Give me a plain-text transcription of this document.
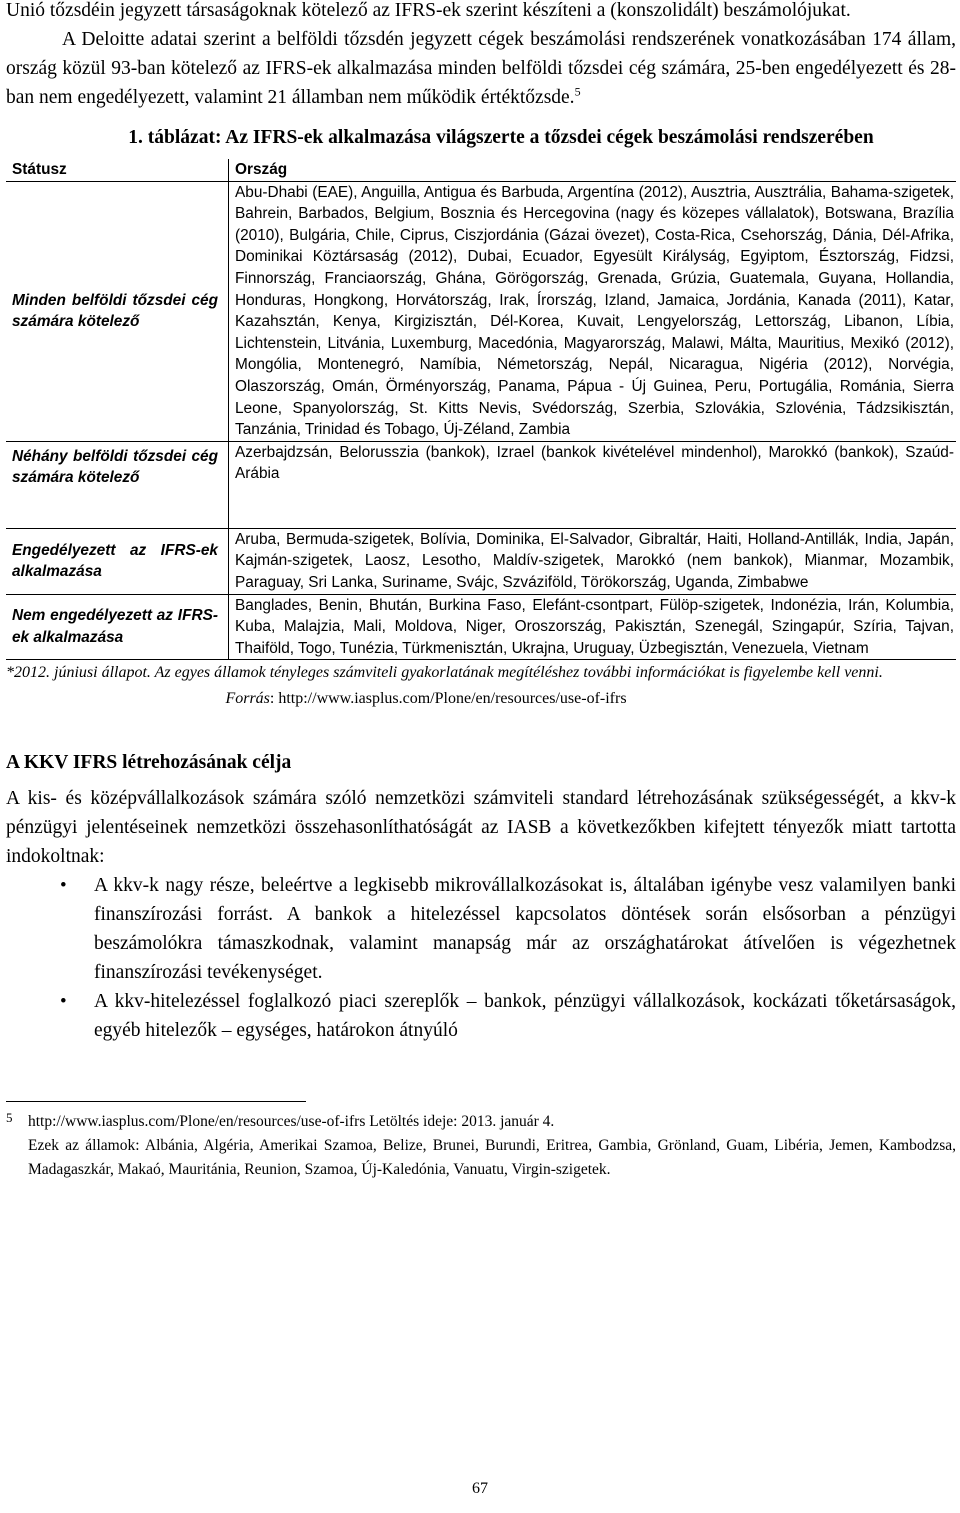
Unió tőzsdéin jegyzett társaságoknak kötelező az IFRS-ek szerint készíteni a (konszolidált) beszámolójukat.

A Deloitte adatai szerint a belföldi tőzsdén jegyzett cégek beszámolási rendszerének vonatkozásában 174 állam, ország közül 93-ban kötelező az IFRS-ek alkalmazása minden belföldi tőzsdei cég számára, 25-ben engedélyezett és 28-ban nem engedélyezett, valamint 21 államban nem működik értéktőzsde.$^5$

1. táblázat: Az IFRS-ek alkalmazása világszerte a tőzsdei cégek beszámolási rendszerében
Státusz	Ország
Minden belföldi tőzsdei cég számára kötelező	Abu-Dhabi (EAE), Anguilla, Antigua és Barbuda, Argentína (2012), Ausztria, Ausztrália, Bahama-szigetek, Bahrein, Barbados, Belgium, Bosznia és Hercegovina (nagy és közepes vállalatok), Botswana, Brazília (2010), Bulgária, Chile, Ciprus, Ciszjordánia (Gázai övezet), Costa-Rica, Csehország, Dánia, Dél-Afrika, Dominikai Köztársaság (2012), Dubai, Ecuador, Egyesült Királyság, Egyiptom, Észtország, Fidzsi, Finnország, Franciaország, Ghána, Görögország, Grenada, Grúzia, Guatemala, Guyana, Hollandia, Honduras, Hongkong, Horvátország, Irak, Írország, Izland, Jamaica, Jordánia, Kanada (2011), Katar, Kazahsztán, Kenya, Kirgizisztán, Dél-Korea, Kuvait, Lengyelország, Lettország, Libanon, Líbia, Lichtenstein, Litvánia, Luxemburg, Macedónia, Magyarország, Malawi, Málta, Mauritius, Mexikó (2012), Mongólia, Montenegró, Namíbia, Németország, Nepál, Nicaragua, Nigéria (2012), Norvégia, Olaszország, Omán, Örményország, Panama, Pápua - Új Guinea, Peru, Portugália, Románia, Sierra Leone, Spanyolország, St. Kitts Nevis, Svédország, Szerbia, Szlovákia, Szlovénia, Tádzsikisztán, Tanzánia, Trinidad és Tobago, Új-Zéland, Zambia
Néhány belföldi tőzsdei cég számára kötelező	Azerbajdzsán, Belorusszia (bankok), Izrael (bankok kivételével mindenhol), Marokkó (bankok), Szaúd-Arábia
Engedélyezett az IFRS-ek alkalmazása	Aruba, Bermuda-szigetek, Bolívia, Dominika, El-Salvador, Gibraltár, Haiti, Holland-Antillák, India, Japán, Kajmán-szigetek, Laosz, Lesotho, Maldív-szigetek, Marokkó (nem bankok), Mianmar, Mozambik, Paraguay, Sri Lanka, Suriname, Svájc, Szváziföld, Törökország, Uganda, Zimbabwe
Nem engedélyezett az IFRS-ek alkalmazása	Banglades, Benin, Bhután, Burkina Faso, Elefánt-csontpart, Fülöp-szigetek, Indonézia, Irán, Kolumbia, Kuba, Malajzia, Mali, Moldova, Niger, Oroszország, Pakisztán, Szenegál, Szingapúr, Szíria, Tajvan, Thaiföld, Togo, Tunézia, Türkmenisztán, Ukrajna, Uruguay, Üzbegisztán, Venezuela, Vietnam

*2012. júniusi állapot. Az egyes államok tényleges számviteli gyakorlatának megítéléshez további információkat is figyelembe kell venni.

Forrás: http://www.iasplus.com/Plone/en/resources/use-of-ifrs

A KKV IFRS létrehozásának célja

A kis- és középvállalkozások számára szóló nemzetközi számviteli standard létrehozásának szükségességét, a kkv-k pénzügyi jelentéseinek nemzetközi összehasonlíthatóságát az IASB a következőkben kifejtett tényezők miatt tartotta indokoltnak:

• A kkv-k nagy része, beleértve a legkisebb mikrovállalkozásokat is, általában igénybe vesz valamilyen banki finanszírozási forrást. A bankok a hitelezéssel kapcsolatos döntések során elsősorban a pénzügyi beszámolókra támaszkodnak, valamint manapság már az országhatárokat átívelően is végezhetnek finanszírozási tevékenységet.
• A kkv-hitelezéssel foglalkozó piaci szereplők – bankok, pénzügyi vállalkozások, kockázati tőketársaságok, egyéb hitelezők – egységes, határokon átnyúló
5 http://www.iasplus.com/Plone/en/resources/use-of-ifrs Letöltés ideje: 2013. január 4.
Ezek az államok: Albánia, Algéria, Amerikai Szamoa, Belize, Brunei, Burundi, Eritrea, Gambia, Grönland, Guam, Libéria, Jemen, Kambodzsa, Madagaszkár, Makaó, Mauritánia, Reunion, Szamoa, Új-Kaledónia, Vanuatu, Virgin-szigetek.
67
